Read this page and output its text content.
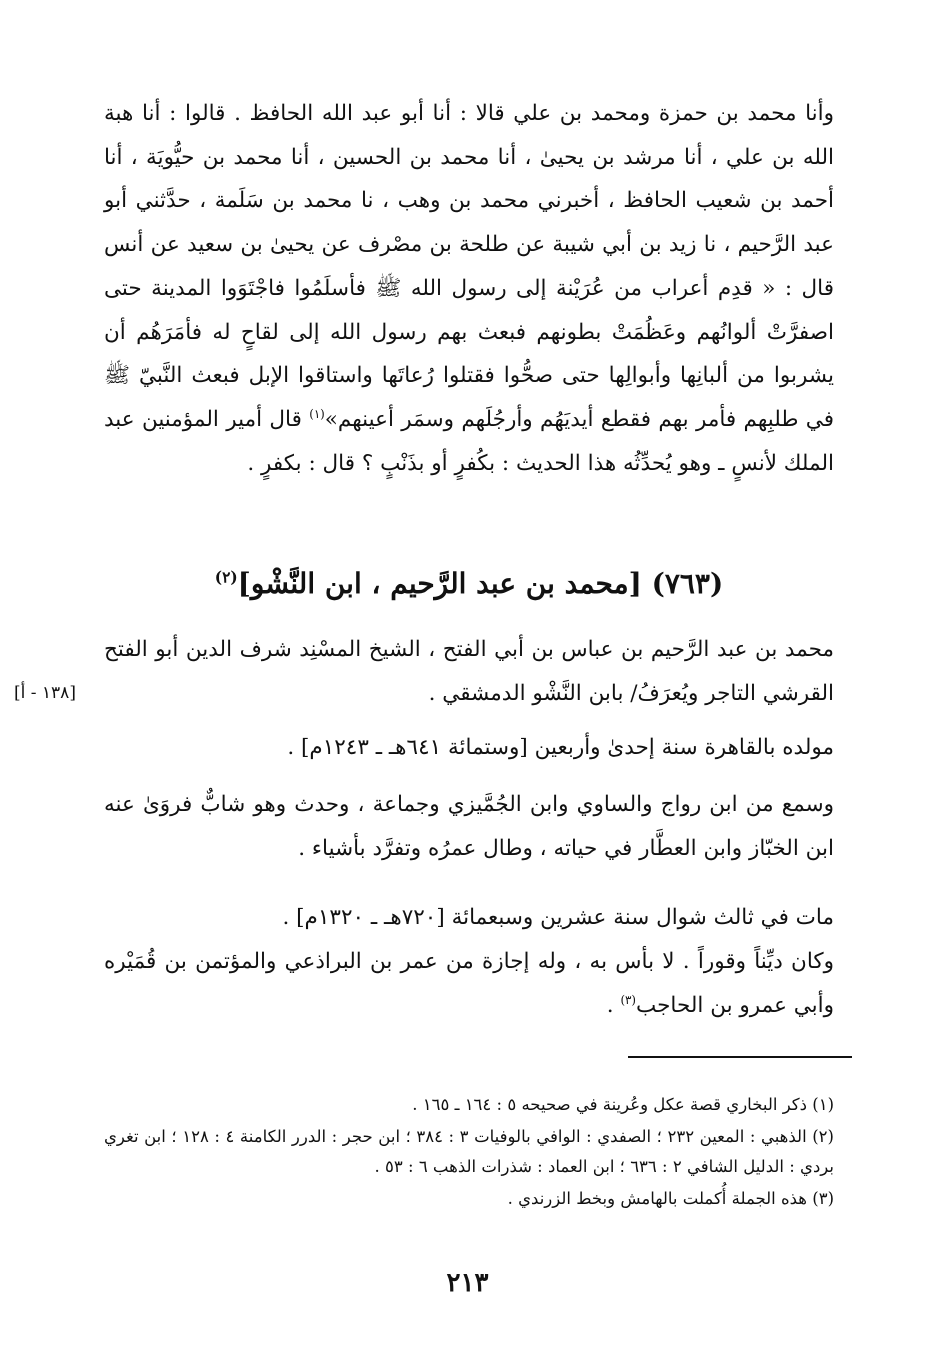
وأنا محمد بن حمزة ومحمد بن علي قالا : أنا أبو عبد الله الحافظ . قالوا : أنا هبة الله بن علي ، أنا مرشد بن يحيىٰ ، أنا محمد بن الحسين ، أنا محمد بن حيُّويَة ، أنا أحمد بن شعيب الحافظ ، أخبرني محمد بن وهب ، نا محمد بن سَلَمة ، حدَّثني أبو عبد الرَّحيم ، نا زيد بن أبي شيبة عن طلحة بن مصْرف عن يحيىٰ بن سعيد عن أنس قال : « قدِم أعراب من عُرَيْنة إلى رسول الله ﷺ فأسلَمُوا فاجْتَوَوا المدينة حتى اصفرَّتْ ألوانُهم وعَظُمَتْ بطونهم فبعث بهم رسول الله إلى لقاحٍ له فأمَرَهُم أن يشربوا من ألبانِها وأبوالِها حتى صحُّوا فقتلوا رُعاتَها واستاقوا الإبل فبعث النَّبيّ ﷺ في طلبِهم فأمر بهم فقطع أيديَهُم وأرجُلَهم وسمَر أعينهم»$^{(١)}$ قال أمير المؤمنين عبد الملك لأنسٍ ـ وهو يُحدِّثُه هذا الحديث : بكُفرٍ أو بذَنْبٍ ؟ قال : بكفرٍ .
(٧٦٣) [محمد بن عبد الرَّحيم ، ابن النَّشْو]$^{(٢)}$
محمد بن عبد الرَّحيم بن عباس بن أبي الفتح ، الشيخ المسْنِد شرف الدين أبو الفتح القرشي التاجر ويُعرَفُ/ بابن النَّشْو الدمشقي .
[١٣٨ - أ]
مولده بالقاهرة سنة إحدىٰ وأربعين [وستمائة ٦٤١هـ ـ ١٢٤٣م] .
وسمع من ابن رواج والساوي وابن الجُمَّيزي وجماعة ، وحدث وهو شابٌّ فروَىٰ عنه ابن الخبّاز وابن العطَّار في حياته ، وطال عمرُه وتفرَّد بأشياء .
مات في ثالث شوال سنة عشرين وسبعمائة [٧٢٠هـ ـ ١٣٢٠م] .
وكان ديِّناً وقوراً . لا بأس به ، وله إجازة من عمر بن البراذعي والمؤتمن بن قُمَيْره وأبي عمرو بن الحاجب$^{(٣)}$ .
(١) ذكر البخاري قصة عكل وعُرينة في صحيحه ٥ : ١٦٤ ـ ١٦٥ .
(٢) الذهبي : المعين ٢٣٢ ؛ الصفدي : الوافي بالوفيات ٣ : ٣٨٤ ؛ ابن حجر : الدرر الكامنة ٤ : ١٢٨ ؛ ابن تغري بردي : الدليل الشافي ٢ : ٦٣٦ ؛ ابن العماد : شذرات الذهب ٦ : ٥٣ .
(٣) هذه الجملة أُكملت بالهامش وبخط الزرندي .
٢١٣
